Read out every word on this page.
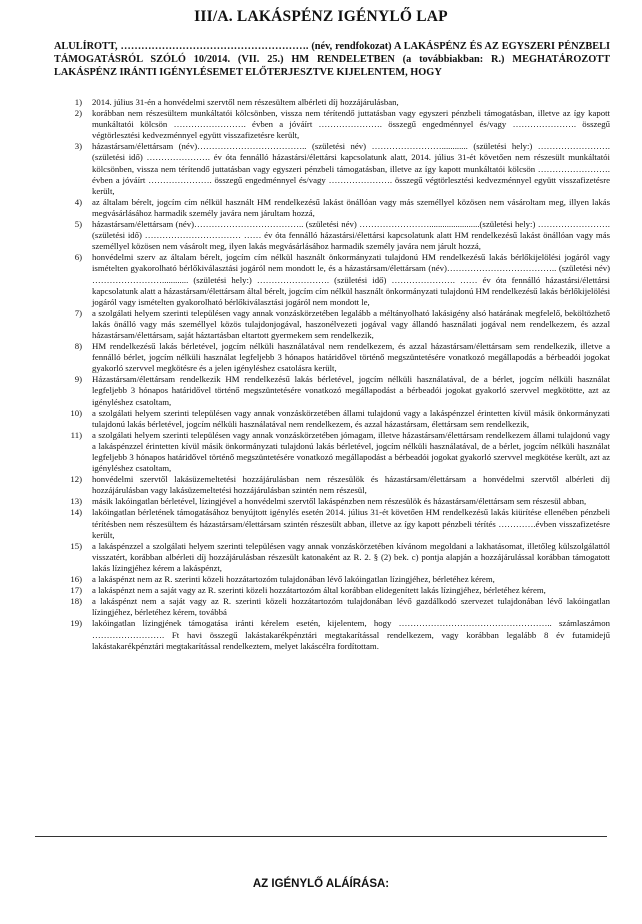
III/A. LAKÁSPÉNZ IGÉNYLŐ LAP
ALULÍROTT, ………………………………………………. (név, rendfokozat) A LAKÁSPÉNZ ÉS AZ EGYSZERI PÉNZBELI TÁMOGATÁSRÓL SZÓLÓ 10/2014. (VII. 25.) HM RENDELETBEN (a továbbiakban: R.) MEGHATÁROZOTT LAKÁSPÉNZ IRÁNTI IGÉNYLÉSEMET ELŐTERJESZTVE KIJELENTEM, HOGY
1) 2014. július 31-én a honvédelmi szervtől nem részesültem albérleti díj hozzájárulásban,
2) korábban nem részesültem munkáltatói kölcsönben, vissza nem térítendő juttatásban vagy egyszeri pénzbeli támogatásban, illetve az így kapott munkáltatói kölcsön ……………………. évben a jóváírt …………………. összegű engedménnyel és/vagy …………………. összegű végtörlesztési kedvezménnyel együtt visszafizetésre került,
3) házastársam/élettársam (név)……………………………….. (születési név) ……………………............ (születési hely:) ……………………. (születési idő) …………………. év óta fennálló házastársi/élettársi kapcsolatunk alatt, 2014. július 31-ét követően nem részesült munkáltatói kölcsönben, vissza nem térítendő juttatásban vagy egyszeri pénzbeli támogatásban, illetve az így kapott munkáltatói kölcsön ……………………. évben a jóváírt …………………. összegű engedménnyel és/vagy …………………. összegű végtörlesztési kedvezménnyel együtt visszafizetésre került,
4) az általam bérelt, jogcím cím nélkül használt HM rendelkezésű lakást önállóan vagy más személlyel közösen nem vásároltam meg, illyen lakás megvásárlásához harmadik személy javára nem járultam hozzá,
5) házastársam/élettársam (név)……………………………….. (születési név) …………………….......................(születési hely:) ……………………. (születési idő) …………………………… …… év óta fennálló házastársi/élettársi kapcsolatunk alatt HM rendelkezésű lakást önállóan vagy más személlyel közösen nem vásárolt meg, ilyen lakás megvásárlásához harmadik személy javára nem járult hozzá,
6) honvédelmi szerv az általam bérelt, jogcím cím nélkül használt önkormányzati tulajdonú HM rendelkezésű lakás bérlőkijelölési jogáról vagy ismételten gyakorolható bérlőkiválasztási jogáról nem mondott le, és a házastársam/élettársam (név)……………………………….. (születési név) ……………………............ (születési hely:) ……………………. (születési idő) …………………. …… év óta fennálló házastársi/élettársi kapcsolatunk alatt a házastársam/élettársam által bérelt, jogcím cím nélkül használt önkormányzati tulajdonú HM rendelkezésű lakás bérlőkijelölési jogáról vagy ismételten gyakorolható bérlőkiválasztási jogáról nem mondott le,
7) a szolgálati helyem szerinti településen vagy annak vonzáskörzetében legalább a méltányolható lakásigény alsó határának megfelelő, beköltözhető lakás önálló vagy más személlyel közös tulajdonjogával, haszonélvezeti jogával vagy állandó használati jogával nem rendelkezem, és azzal házastársam/élettársam, saját háztartásban eltartott gyermekem sem rendelkezik,
8) HM rendelkezésű lakás bérletével, jogcím nélküli használatával nem rendelkezem, és azzal házastársam/élettársam sem rendelkezik, illetve a fennálló bérlet, jogcím nélküli használat legfeljebb 3 hónapos határidővel történő megszüntetésére vonatkozó megállapodás a bérbeadói jogokat gyakorló szervvel megkötésre és a jelen igényléshez csatolásra került,
9) Házastársam/élettársam rendelkezik HM rendelkezésű lakás bérletével, jogcím nélküli használatával, de a bérlet, jogcím nélküli használat legfeljebb 3 hónapos határidővel történő megszüntetésére vonatkozó megállapodást a bérbeadói jogokat gyakorló szervvel megkötötte, azt az igényléshez csatoltam,
10) a szolgálati helyem szerinti településen vagy annak vonzáskörzetében állami tulajdonú vagy a lakáspénzzel érintetten kívül másik önkormányzati tulajdonú lakás bérletével, jogcím nélküli használatával nem rendelkezem, és azzal házastársam, élettársam sem rendelkezik,
11) a szolgálati helyem szerinti településen vagy annak vonzáskörzetében jómagam, illetve házastársam/élettársam rendelkezem állami tulajdonú vagy a lakáspénzzel érintetten kívül másik önkormányzati tulajdonú lakás bérletével, jogcím nélküli használatával, de a bérlet, jogcím nélküli használat legfeljebb 3 hónapos határidővel történő megszüntetésére vonatkozó megállapodást a bérbeadói jogokat gyakorló szervvel megkötése került, azt az igényléshez csatoltam,
12) honvédelmi szervtől lakásüzemeltetési hozzájárulásban nem részesülök és házastársam/élettársam a honvédelmi szervtől albérleti díj hozzájárulásban vagy lakásüzemeltetési hozzájárulásban szintén nem részesül,
13) másik lakóingatlan bérletével, lízingjével a honvédelmi szervtől lakáspénzben nem részesülök és házastársam/élettársam sem részesül abban,
14) lakóingatlan bérletének támogatásához benyújtott igénylés esetén 2014. július 31-ét követően HM rendelkezésű lakás kiürítése ellenében pénzbeli térítésben nem részesültem és házastársam/élettársam szintén részesült abban, illetve az így kapott pénzbeli térítés ………….évben visszafizetésre került,
15) a lakáspénzzel a szolgálati helyem szerinti településen vagy annak vonzáskörzetében kívánom megoldani a lakhatásomat, illetőleg külszolgálattól visszatért, korábban albérleti díj hozzájárulásban részesült katonaként az R. 2. § (2) bek. c) pontja alapján a hozzájárulással korábban támogatott lakás lízingjéhez kérem a lakáspénzt,
16) a lakáspénzt nem az R. szerinti közeli hozzátartozóm tulajdonában lévő lakóingatlan lízingjéhez, bérletéhez kérem,
17) a lakáspénzt nem a saját vagy az R. szerinti közeli hozzátartozóm által korábban elidegenített lakás lízingjéhez, bérletéhez kérem,
18) a lakáspénzt nem a saját vagy az R. szerinti közeli hozzátartozóm tulajdonában lévő gazdálkodó szervezet tulajdonában lévő lakóingatlan lízingjéhez, bérletéhez kérem, továbbá
19) lakóingatlan lízingjének támogatása iránti kérelem esetén, kijelentem, hogy …………………………………………….. számlaszámon ……………………. Ft havi összegű lakástakarékpénztári megtakarítással rendelkezem, vagy korábban legalább 8 év futamidejű lakástakarékpénztári megtakarítással rendelkeztem, melyet lakáscélra fordítottam.
AZ IGÉNYLŐ ALÁÍRÁSA:
